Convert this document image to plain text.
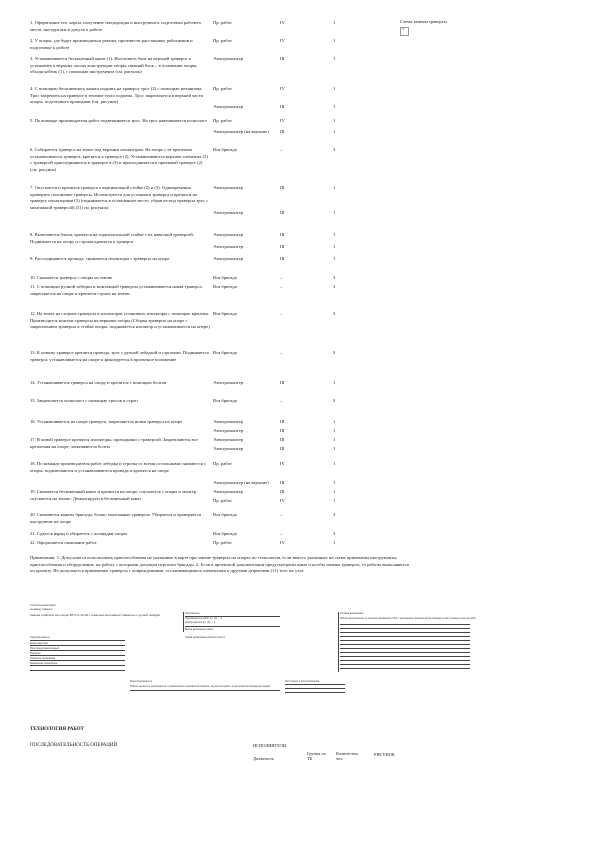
1. Оформление тех. карты, получение спецодежды и инструмента, подготовка рабочего места, инструктаж и допуск к работе
Пр. работ	IV	1
2. У опоры, где будет производиться ремонт, произвести расстановку работников и подготовку к работе
Пр. работ	IV	1
3. Устанавливается бесконечный канат (1). Изготовить блок на верхней траверсе и установить в верхних частях конструкции опоры, нижний блок – в основании опоры, обходя кабель (1), с помощью инструмента (см. рисунок)
Электромонтер	III	1
4. С помощью бесконечного каната поднять на траверсу трос (2) с помощью механизма. Трос закрепить на траверсе в течение этого подъема. Трос закрепляется в верхней части опоры, подготовить проводник (см. рисунок)
Пр. работ	IV	1
Электромонтер	III	1
5. По команде производителя работ подвешивается трос. На трос навешивается полиспаст	Пр. работ	IV	1
Электромонтер (на верхние)	III	1
6. Собирается траверса на земле под верхним изолятором. На опоре с её крепежом устанавливается траверса, крепится к траверсе (2). Устанавливаются верхние элементы (3) с траверсой присоединяются к траверсе в (3) и присоединяется к приемной траверсе (2) (см. рисунок)
Вся бригада	–	3
7. Опускается и крепится траверса к вертикальной стойке (2) и (3). Одновременно проверить положение траверсы. Используются для установки траверса и крепятся на траверсу изоляторами (3) (поднимается в оставленное место, убрав из-под траверсы трос с монтажной траверсой) (3) (см. рисунок)
Электромонтер	III	1
Электромонтер	III	1
8. Включаются блоки, крепятся на горизонтальной стойке с их навесной траверсой. Поднимается на опору и стропы крепятся к траверсе
Электромонтер	III	1
Электромонтер	III	1
9. Рассоединяются провода, снимаются изоляторы с траверсы на опоре	Электромонтер	III	1
10. Снимается траверса с опоры на землю	Вся бригада	–	3
11. С помощью ручной лебедки и монтажной траверсы устанавливается новая траверса, закрепляется на опоре и крепится стропа на землю
Вся бригада	–	3
12. На земле на стороне траверсы и изоляторов установить изоляторы с помощью крепежа. Производится монтаж траверсы на вершине опоры (Сборка траверсы на опоре с закреплением траверсы к стойке опоры, поднимается изолятор и устанавливается на опоре)
Вся бригада	–	3
13. К новому траверсе крепятся провода, трос с ручной лебедкой и стропами. Поднимается траверса, устанавливается на опоре и фиксируется в проектное положение
Вся бригада	–	3
14. Устанавливается траверса на опору и крепится с помощью болтов	Электромонтер	III	1
15. Закрепляется полиспаст с помощью тросов и строп	Вся бригада	–	3
16. Устанавливается на опоре траверса, закрепляется новая траверса на опоре	Электромонтер	III	1
Электромонтер	III	1
17. В новой траверсе крепятся изоляторы, проводники с траверсой. Закрепляются все крепления на опоре, затягиваются болты
Электромонтер	III	1
Электромонтер	III	1
18. По команде производителя работ лебедка и стропы со всеми остальными снимаются с опоры, подключаются и устанавливаются провода и крепятся на опоре
Пр. работ	IV	1
Электромонтер (на верхние)	III	1
19. Снимается бесконечный канат и крепится на опоре, спускается с опоры и монтер спускается на землю. Демонтируется бесконечный канат
Электромонтер	III	1
Пр. работ	IV	1
20. Снимаются канаты бригады, блоки, монтажные траверсы. Убирается и проверяется инструмент на опоре
Вся бригада	–	3
21. Сдается наряд и убирается с площадки опоры	Вся бригада	–	3
22. Оформляется окончание работ	Пр. работ	IV	1
Схема замены траверсы
×
Примечания: 1. Допускается использовать приспособления не указанные в карте при замене траверсы на опорах по технологии, если вместо указанных на схеме применены инструменты, приспособления и оборудование, на работу с которыми допущен персонал бригады. 2. Если в проектной документации предусмотрены иные способы замены траверсы, то работы выполняются по проекту. Не допускается применение траверсы с повреждениями, отслаивающимися элементами и другими дефектами (11) того же узла.
Технологическая карта
на замену траверсы
замена траверсы на опорах ВЛ 0,4–10 кВ с помощью монтажной траверсы и ручной лебедки	Исполнители
Производитель работ (гр. IV) — 1
Электромонтер (гр. III) — 2
Время выполнения работ
Условия выполнения
Работы выполняются со снятием напряжения с ВЛ, с наложением заземлений на провода по обе стороны от места работ
Средства защиты
Каска защитная
Пояс предохранительный
Перчатки
Указатель напряжения
Заземление переносное
Схема организации рабочего места
Меры безопасности
Работы на высоте производятся с применением страховочной привязи; под местом работ не допускается нахождение людей
Инструмент и приспособления
ТЕХНОЛОГИЯ РАБОТ
ПОСЛЕДОВАТЕЛЬНОСТЬ ОПЕРАЦИЙ	ИСПОЛНИТЕЛИ
Должность
Группа по ТБ
Количество, чел.
РИСУНОК
